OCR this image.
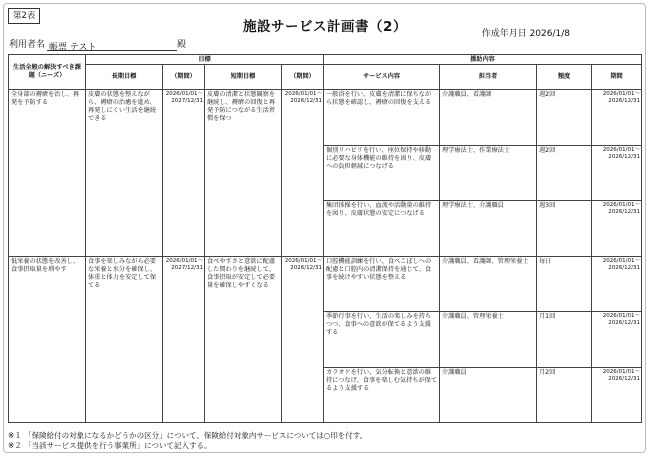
第2表
施設サービス計画書（2）	作成年月日 2026/1/8
利用者名 帳票 テスト	殿
生活全般の解決すべき課題（ニーズ）	目標				援助内容			
	長期目標	（期間）	短期目標	（期間）	サービス内容	担当者	頻度	期間
全身部の褥瘡を治し、再発を予防する	皮膚の状態を整えながら、褥瘡の治癒を進め、再発しにくい生活を継続できる	2026/01/01〜
2027/12/31	皮膚の清潔と状態観察を継続し、褥瘡の回復と再発予防につながる生活習慣を保つ	2026/01/01〜
2026/12/31	一般浴を行い、皮膚を清潔に保ちながら状態を確認し、褥瘡の回復を支える	介護職員、看護師	週2回	2026/01/01〜
2026/12/31

					個別リハビリを行い、座位保持や移動に必要な身体機能の維持を図り、皮膚への負担軽減につなげる	理学療法士、作業療法士	週2回	2026/01/01〜
2026/12/31

					集団体操を行い、血流や活動量の維持を図り、皮膚状態の安定につなげる	理学療法士、介護職員	週3回	2026/01/01〜
2026/12/31

低栄養の状態を改善し、食事摂取量を増やす	食事を楽しみながら必要な栄養と水分を確保し、体重と体力を安定して保てる	2026/01/01〜
2027/12/31	食べやすさと意欲に配慮した関わりを継続して、食事摂取が安定して必要量を確保しやすくなる	2026/01/01〜
2026/12/31	口腔機能訓練を行い、食べこぼしへの配慮と口腔内の清潔保持を通じて、食事を続けやすい状態を整える	介護職員、看護師、管理栄養士	毎日	2026/01/01〜
2026/12/31

					季節行事を行い、生活の楽しみを持ちつつ、食事への意欲が保てるよう支援する	介護職員、管理栄養士	月1回	2026/01/01〜
2026/12/31

					カラオケを行い、気分転換と意欲の維持につなげ、食事を楽しむ気持ちが保てるよう支援する	介護職員	月2回	2026/01/01〜
2026/12/31
※１ 「保険給付の対象になるかどうかの区分」について、保険給付対象内サービスについては○印を付す。
※２ 「当該サービス提供を行う事業所」について記入する。
